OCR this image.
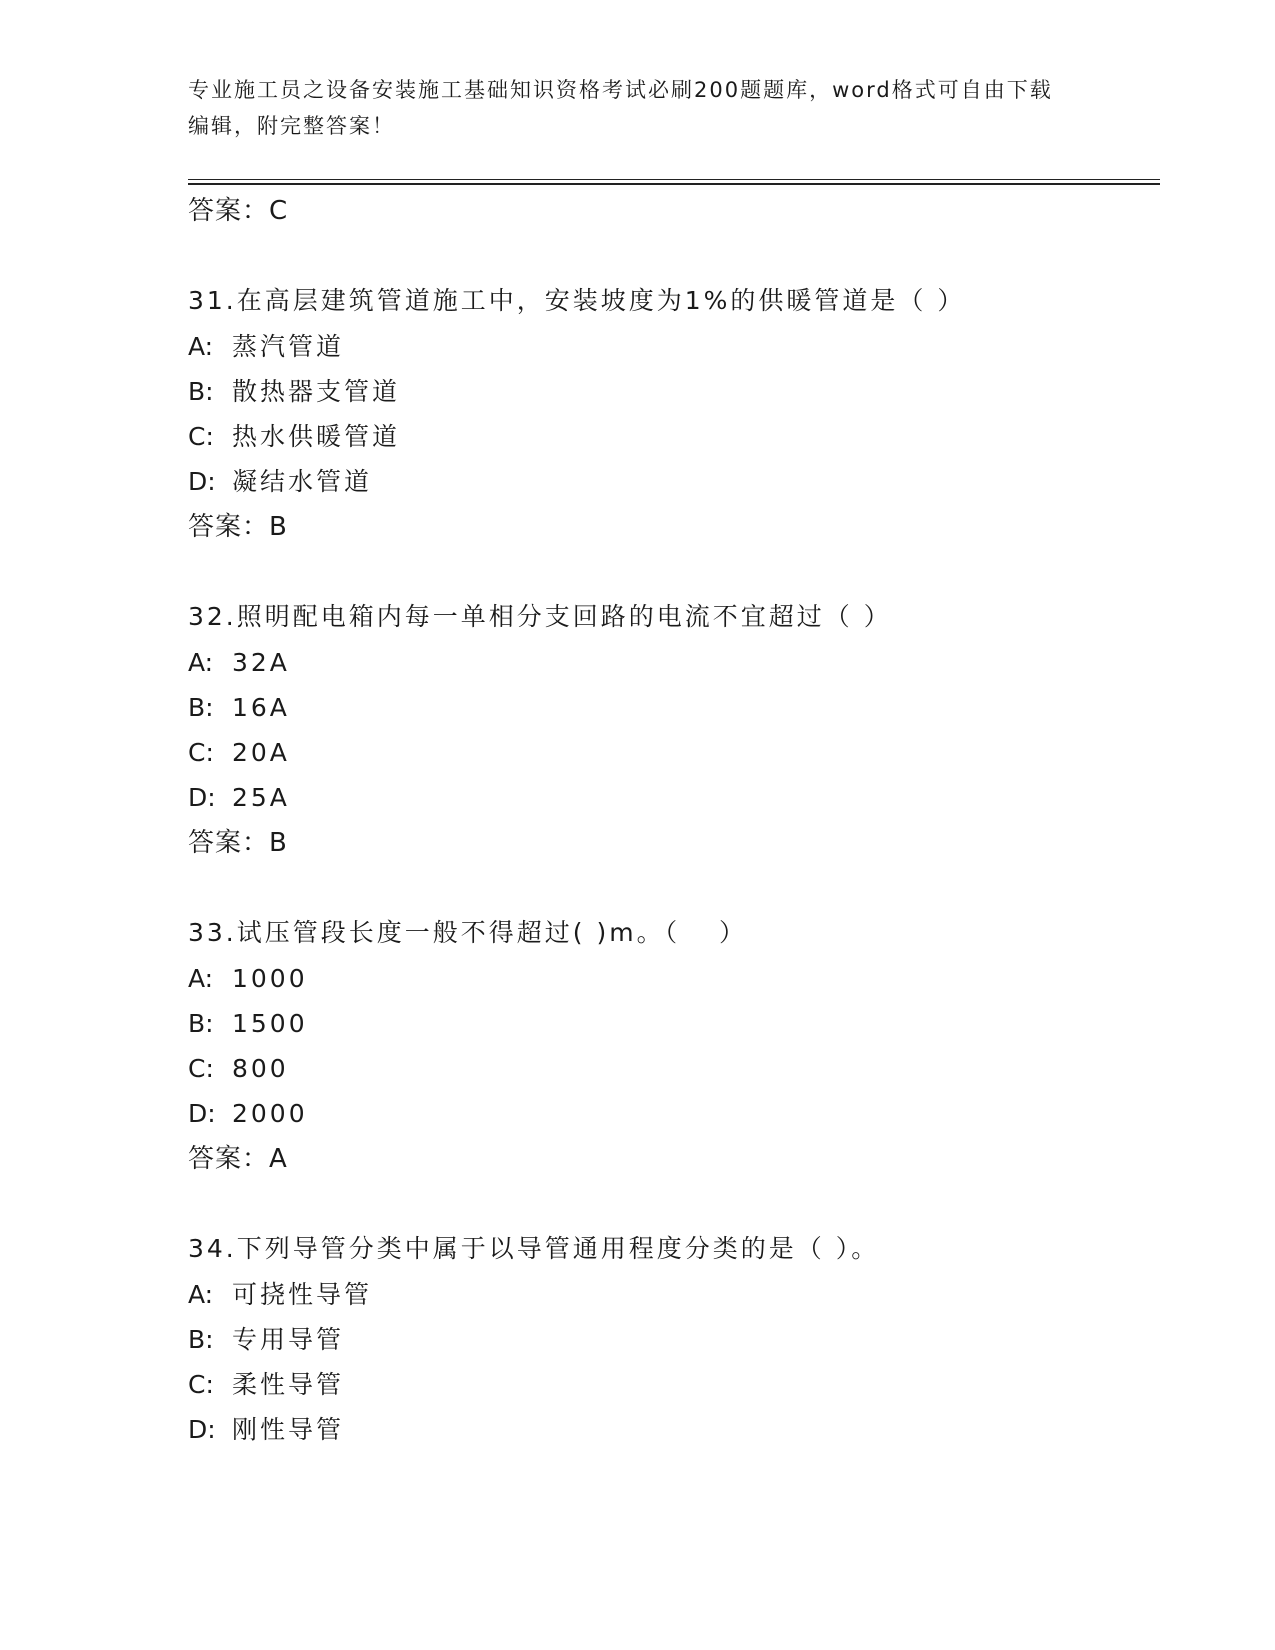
专业施工员之设备安装施工基础知识资格考试必刷200题题库，word格式可自由下载编辑，附完整答案！
答案：C
31.在高层建筑管道施工中，安装坡度为1%的供暖管道是（ ）
A: 蒸汽管道
B: 散热器支管道
C: 热水供暖管道
D: 凝结水管道
答案：B
32.照明配电箱内每一单相分支回路的电流不宜超过（ ）
A: 32A
B: 16A
C: 20A
D: 25A
答案：B
33.试压管段长度一般不得超过( )m。（　 ）
A: 1000
B: 1500
C: 800
D: 2000
答案：A
34.下列导管分类中属于以导管通用程度分类的是（ ）。
A: 可挠性导管
B: 专用导管
C: 柔性导管
D: 刚性导管
